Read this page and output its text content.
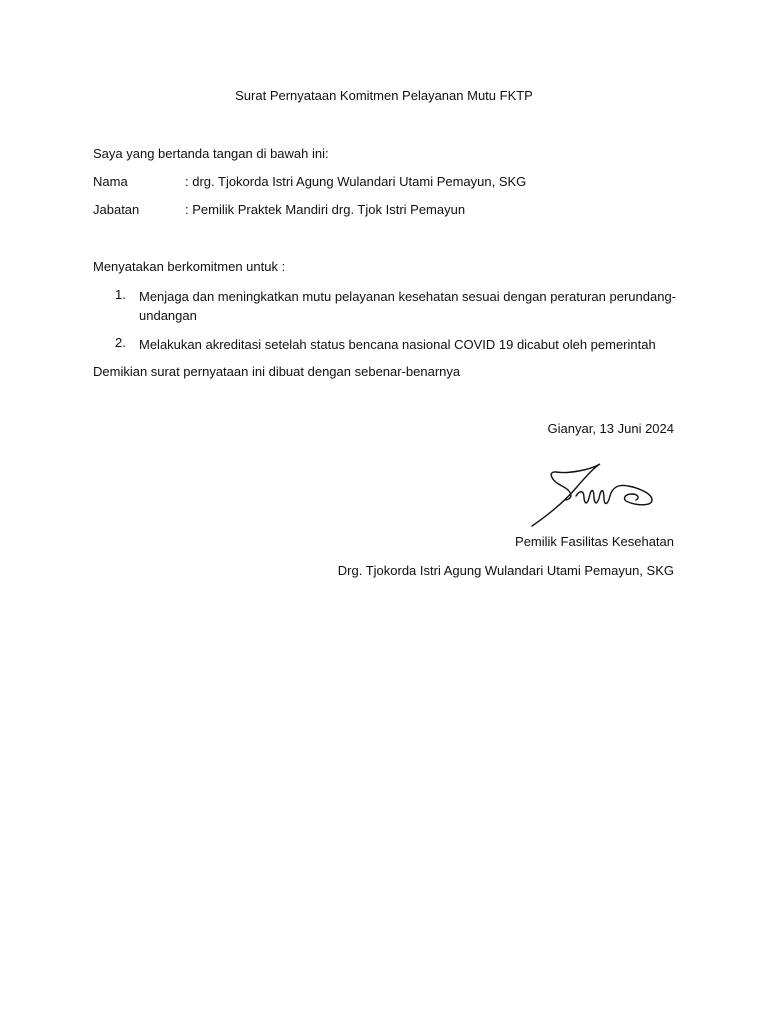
Surat Pernyataan Komitmen Pelayanan Mutu FKTP
Saya yang bertanda tangan di bawah ini:
Nama	: drg. Tjokorda Istri Agung Wulandari Utami Pemayun, SKG
Jabatan	: Pemilik Praktek Mandiri drg. Tjok Istri Pemayun
Menyatakan berkomitmen untuk :
1. Menjaga dan meningkatkan mutu pelayanan kesehatan sesuai dengan peraturan perundang-undangan
2. Melakukan akreditasi setelah status bencana nasional COVID 19 dicabut oleh pemerintah
Demikian surat pernyataan ini dibuat dengan sebenar-benarnya
Gianyar, 13 Juni 2024
Pemilik Fasilitas Kesehatan
Drg. Tjokorda Istri Agung Wulandari Utami Pemayun, SKG
